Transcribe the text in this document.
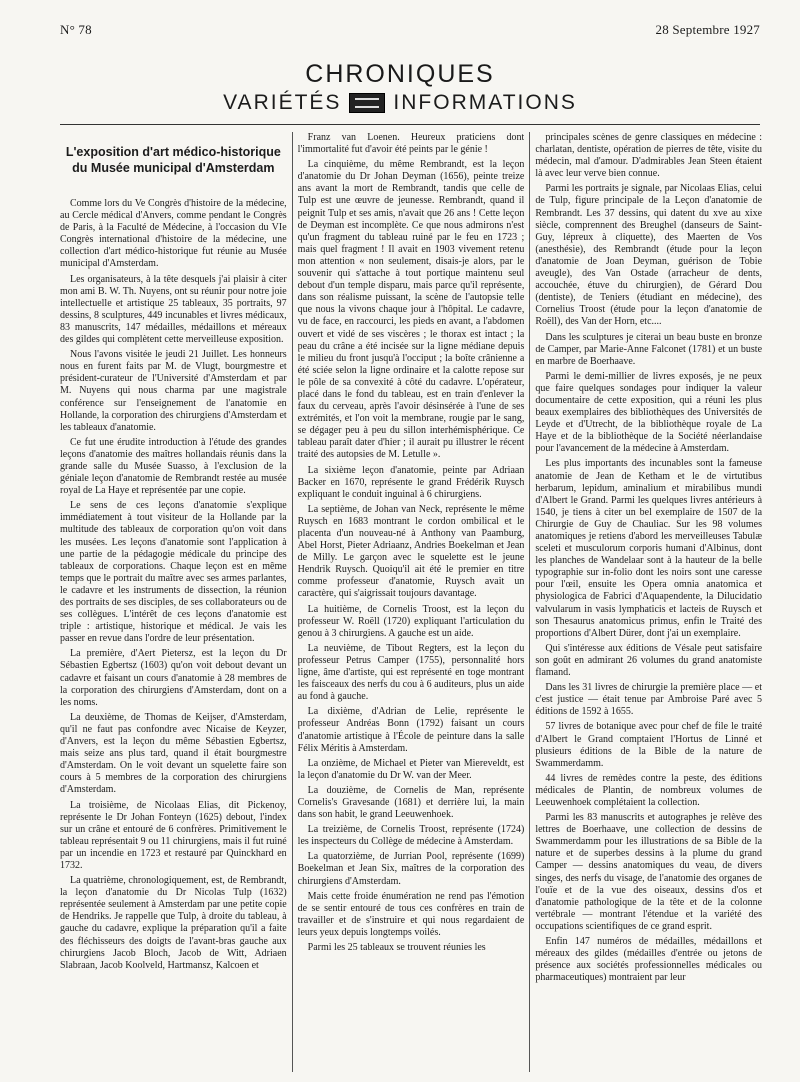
N° 78	28 Septembre 1927
CHRONIQUES
VARIÉTÉS INFORMATIONS
L'exposition d'art médico-historique
du Musée municipal d'Amsterdam

Comme lors du Ve Congrès d'histoire de la médecine, au Cercle médical d'Anvers, comme pendant le Congrès de Paris, à la Faculté de Médecine, à l'occasion du VIe Congrès international d'histoire de la médecine, une collection d'art médico-historique fut réunie au Musée municipal d'Amsterdam.

Les organisateurs, à la tête desquels j'ai plaisir à citer mon ami B. W. Th. Nuyens, ont su réunir pour notre joie intellectuelle et artistique 25 tableaux, 35 portraits, 97 dessins, 8 sculptures, 449 incunables et livres médicaux, 83 manuscrits, 147 médailles, médaillons et méreaux des gildes qui complètent cette merveilleuse exposition.

Nous l'avons visitée le jeudi 21 Juillet. Les honneurs nous en furent faits par M. de Vlugt, bourgmestre et président-curateur de l'Université d'Amsterdam et par M. Nuyens qui nous charma par une magistrale conférence sur l'enseignement de l'anatomie en Hollande, la corporation des chirurgiens d'Amsterdam et les tableaux d'anatomie.

Ce fut une érudite introduction à l'étude des grandes leçons d'anatomie des maîtres hollandais réunis dans la grande salle du Musée Suasso, à l'exclusion de la géniale leçon d'anatomie de Rembrandt restée au musée royal de La Haye et représentée par une copie.

Le sens de ces leçons d'anatomie s'explique immédiatement à tout visiteur de la Hollande par la multitude des tableaux de corporation qu'on voit dans les musées. Les leçons d'anatomie sont l'application à une partie de la pédagogie médicale du principe des tableaux de corporations. Chaque leçon est en même temps que le portrait du maître avec ses armes parlantes, le cadavre et les instruments de dissection, la réunion des portraits de ses disciples, de ses collaborateurs ou de ses collègues. L'intérêt de ces leçons d'anatomie est triple : artistique, historique et médical. Je vais les passer en revue dans l'ordre de leur présentation.

La première, d'Aert Pietersz, est la leçon du Dr Sébastien Egbertsz (1603) qu'on voit debout devant un cadavre et faisant un cours d'anatomie à 28 membres de la corporation des chirurgiens d'Amsterdam, dont on a les noms.

La deuxième, de Thomas de Keijser, d'Amsterdam, qu'il ne faut pas confondre avec Nicaise de Keyzer, d'Anvers, est la leçon du même Sébastien Egbertsz, mais seize ans plus tard, quand il était bourgmestre d'Amsterdam. On le voit devant un squelette faire son cours à 5 membres de la corporation des chirurgiens d'Amsterdam.

La troisième, de Nicolaas Elias, dit Pickenoy, représente le Dr Johan Fonteyn (1625) debout, l'index sur un crâne et entouré de 6 confrères. Primitivement le tableau représentait 9 ou 11 chirurgiens, mais il fut ruiné par un incendie en 1723 et restauré par Quinckhard en 1732.

La quatrième, chronologiquement, est, de Rembrandt, la leçon d'anatomie du Dr Nicolas Tulp (1632) représentée seulement à Amsterdam par une petite copie de Hendriks. Je rappelle que Tulp, à droite du tableau, à gauche du cadavre, explique la préparation qu'il a faite des fléchisseurs des doigts de l'avant-bras gauche aux chirurgiens Jacob Bloch, Jacob de Witt, Adriaen Slabraan, Jacob Koolveld, Hartmansz, Kalcoen et

Franz van Loenen. Heureux praticiens dont l'immortalité fut d'avoir été peints par le génie !

La cinquième, du même Rembrandt, est la leçon d'anatomie du Dr Johan Deyman (1656), peinte treize ans avant la mort de Rembrandt, tandis que celle de Tulp est une œuvre de jeunesse. Rembrandt, quand il peignit Tulp et ses amis, n'avait que 26 ans ! Cette leçon de Deyman est incomplète. Ce que nous admirons n'est qu'un fragment du tableau ruiné par le feu en 1723 ; mais quel fragment ! Il avait en 1903 vivement retenu mon attention « non seulement, disais-je alors, par le souvenir qui s'attache à tout portique maintenu seul debout d'un temple disparu, mais parce qu'il représente, dans son réalisme puissant, la scène de l'autopsie telle que nous la vivons chaque jour à l'hôpital. Le cadavre, vu de face, en raccourci, les pieds en avant, a l'abdomen ouvert et vidé de ses viscères ; le thorax est intact ; la peau du crâne a été incisée sur la ligne médiane depuis le milieu du front jusqu'à l'occiput ; la boîte crânienne a été sciée selon la ligne ordinaire et la calotte repose sur le pôle de sa convexité à côté du cadavre. L'opérateur, placé dans le fond du tableau, est en train d'enlever la faux du cerveau, après l'avoir désinsérée à l'une de ses extrémités, et l'on voit la membrane, rougie par le sang, se dégager peu à peu du sillon interhémisphérique. Ce tableau paraît dater d'hier ; il aurait pu illustrer le récent traité des autopsies de M. Letulle ».

La sixième leçon d'anatomie, peinte par Adriaan Backer en 1670, représente le grand Frédérik Ruysch expliquant le conduit inguinal à 6 chirurgiens.

La septième, de Johan van Neck, représente le même Ruysch en 1683 montrant le cordon ombilical et le placenta d'un nouveau-né à Anthony van Paamburg, Abel Horst, Pieter Adriaanz, Andries Boekelman et Jean de Milly. Le garçon avec le squelette est le jeune Hendrik Ruysch. Quoiqu'il ait été le premier en titre comme professeur d'anatomie, Ruysch avait un caractère, qui s'aigrissait toujours davantage.

La huitième, de Cornelis Troost, est la leçon du professeur W. Roëll (1720) expliquant l'articulation du genou à 3 chirurgiens. A gauche est un aide.

La neuvième, de Tibout Regters, est la leçon du professeur Petrus Camper (1755), personnalité hors ligne, âme d'artiste, qui est représenté en toge montrant les faisceaux des nerfs du cou à 6 auditeurs, plus un aide au fond à gauche.

La dixième, d'Adrian de Lelie, représente le professeur Andréas Bonn (1792) faisant un cours d'anatomie artistique à l'École de peinture dans la salle Félix Méritis à Amsterdam.

La onzième, de Michael et Pieter van Miereveldt, est la leçon d'anatomie du Dr W. van der Meer.

La douzième, de Cornelis de Man, représente Cornelis's Gravesande (1681) et derrière lui, la main dans son habit, le grand Leeuwenhoek.

La treizième, de Cornelis Troost, représente (1724) les inspecteurs du Collège de médecine à Amsterdam.

La quatorzième, de Jurrian Pool, représente (1699) Boekelman et Jean Six, maîtres de la corporation des chirurgiens d'Amsterdam.

Mais cette froide énumération ne rend pas l'émotion de se sentir entouré de tous ces confrères en train de travailler et de s'instruire et qui nous regardaient de leurs yeux depuis longtemps voilés.

Parmi les 25 tableaux se trouvent réunies les

principales scènes de genre classiques en médecine : charlatan, dentiste, opération de pierres de tête, visite du médecin, mal d'amour. D'admirables Jean Steen étaient là avec leur verve bien connue.

Parmi les portraits je signale, par Nicolaas Elias, celui de Tulp, figure principale de la Leçon d'anatomie de Rembrandt. Les 37 dessins, qui datent du xve au xixe siècle, comprennent des Breughel (danseurs de Saint-Guy, lépreux à cliquette), des Maerten de Vos (anesthésie), des Rembrandt (étude pour la leçon d'anatomie de Joan Deyman, guérison de Tobie aveugle), des Van Ostade (arracheur de dents, accouchée, étuve du chirurgien), de Gérard Dou (dentiste), de Teniers (étudiant en médecine), des Cornelius Troost (étude pour la leçon d'anatomie de Roëll), des Van der Horn, etc....

Dans les sculptures je citerai un beau buste en bronze de Camper, par Marie-Anne Falconet (1781) et un buste en marbre de Boerhaave.

Parmi le demi-millier de livres exposés, je ne peux que faire quelques sondages pour indiquer la valeur documentaire de cette exposition, qui a réuni les plus beaux exemplaires des bibliothèques des Universités de Leyde et d'Utrecht, de la bibliothèque royale de La Haye et de la bibliothèque de la Société néerlandaise pour l'avancement de la médecine à Amsterdam.

Les plus importants des incunables sont la fameuse anatomie de Jean de Ketham et le de virtutibus herbarum, lepidum, aminalium et mirabilibus mundi d'Albert le Grand. Parmi les quelques livres antérieurs à 1540, je tiens à citer un bel exemplaire de 1507 de la Chirurgie de Guy de Chauliac. Sur les 98 volumes anatomiques je retiens d'abord les merveilleuses Tabulæ sceleti et musculorum corporis humani d'Albinus, dont les planches de Wandelaar sont à la hauteur de la belle typographie sur in-folio dont les noirs sont une caresse pour l'œil, ensuite les Opera omnia anatomica et physiologica de Fabrici d'Aquapendente, la Dilucidatio valvularum in vasis lymphaticis et lacteis de Ruysch et son Thesaurus anatomicus primus, enfin le Traité des proportions d'Albert Dürer, dont j'ai un exemplaire.

Qui s'intéresse aux éditions de Vésale peut satisfaire son goût en admirant 26 volumes du grand anatomiste flamand.

Dans les 31 livres de chirurgie la première place — et c'est justice — était tenue par Ambroise Paré avec 5 éditions de 1592 à 1655.

57 livres de botanique avec pour chef de file le traité d'Albert le Grand comptaient l'Hortus de Linné et plusieurs éditions de la Bible de la nature de Swammerdamm.

44 livres de remèdes contre la peste, des éditions médicales de Plantin, de nombreux volumes de Leeuwenhoek complétaient la collection.

Parmi les 83 manuscrits et autographes je relève des lettres de Boerhaave, une collection de dessins de Swammerdamm pour les illustrations de sa Bible de la nature et de superbes dessins à la plume du grand Camper — dessins anatomiques du veau, de divers singes, des nerfs du visage, de l'anatomie des organes de l'ouïe et de la vue des oiseaux, dessins d'os et d'anatomie pathologique de la tête et de la colonne vertébrale — montrant l'étendue et la variété des occupations scientifiques de ce grand esprit.

Enfin 147 numéros de médailles, médaillons et méreaux des gildes (médailles d'entrée ou jetons de présence aux sociétés professionnelles médicales ou pharmaceutiques) montraient par leur
